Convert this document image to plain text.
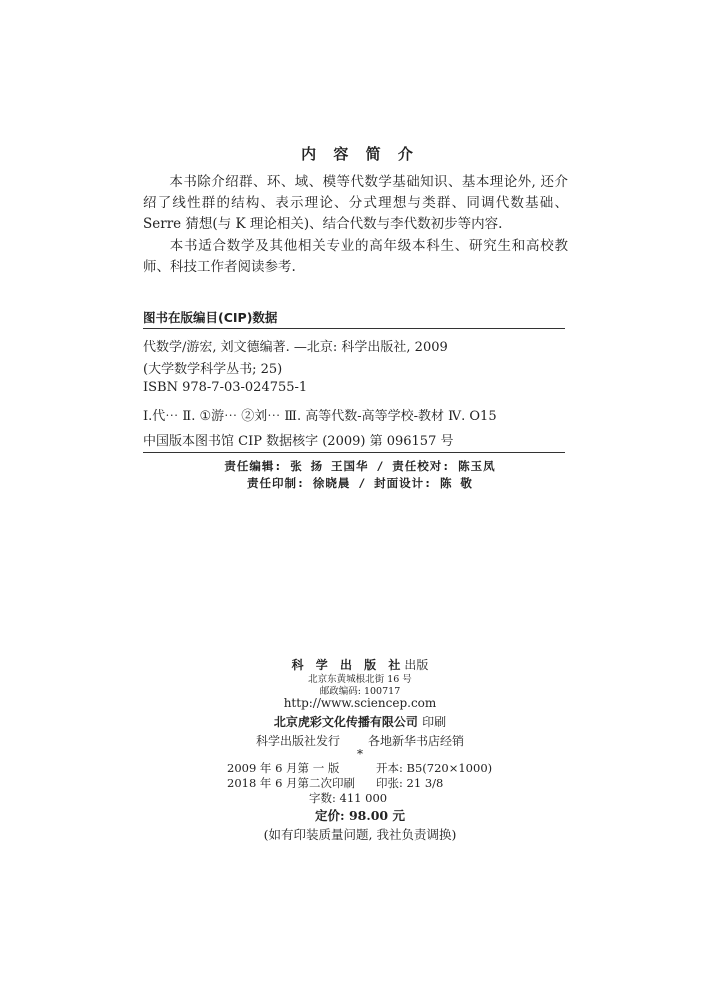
内 容 简 介
本书除介绍群、环、域、模等代数学基础知识、基本理论外, 还介绍了线性群的结构、表示理论、分式理想与类群、同调代数基础、Serre 猜想(与 K 理论相关)、结合代数与李代数初步等内容.
本书适合数学及其他相关专业的高年级本科生、研究生和高校教师、科技工作者阅读参考.
图书在版编目(CIP)数据
代数学/游宏, 刘文德编著. —北京: 科学出版社, 2009
(大学数学科学丛书; 25)
ISBN 978-7-03-024755-1
Ⅰ.代⋯ Ⅱ. ①游⋯ ②刘⋯ Ⅲ. 高等代数-高等学校-教材 Ⅳ. O15
中国版本图书馆 CIP 数据核字 (2009) 第 096157 号
责任编辑: 张 扬 王国华 / 责任校对: 陈玉凤
责任印制: 徐晓晨 / 封面设计: 陈 敬
科 学 出 版 社出版
北京东黄城根北街 16 号
邮政编码: 100717
http://www.sciencep.com
北京虎彩文化传播有限公司 印刷
科学出版社发行 各地新华书店经销
*
2009 年 6 月第 一 版	开本: B5(720×1000)
2018 年 6 月第二次印刷 印张: 21 3/8
字数: 411 000
定价: 98.00 元
(如有印装质量问题, 我社负责调换)
